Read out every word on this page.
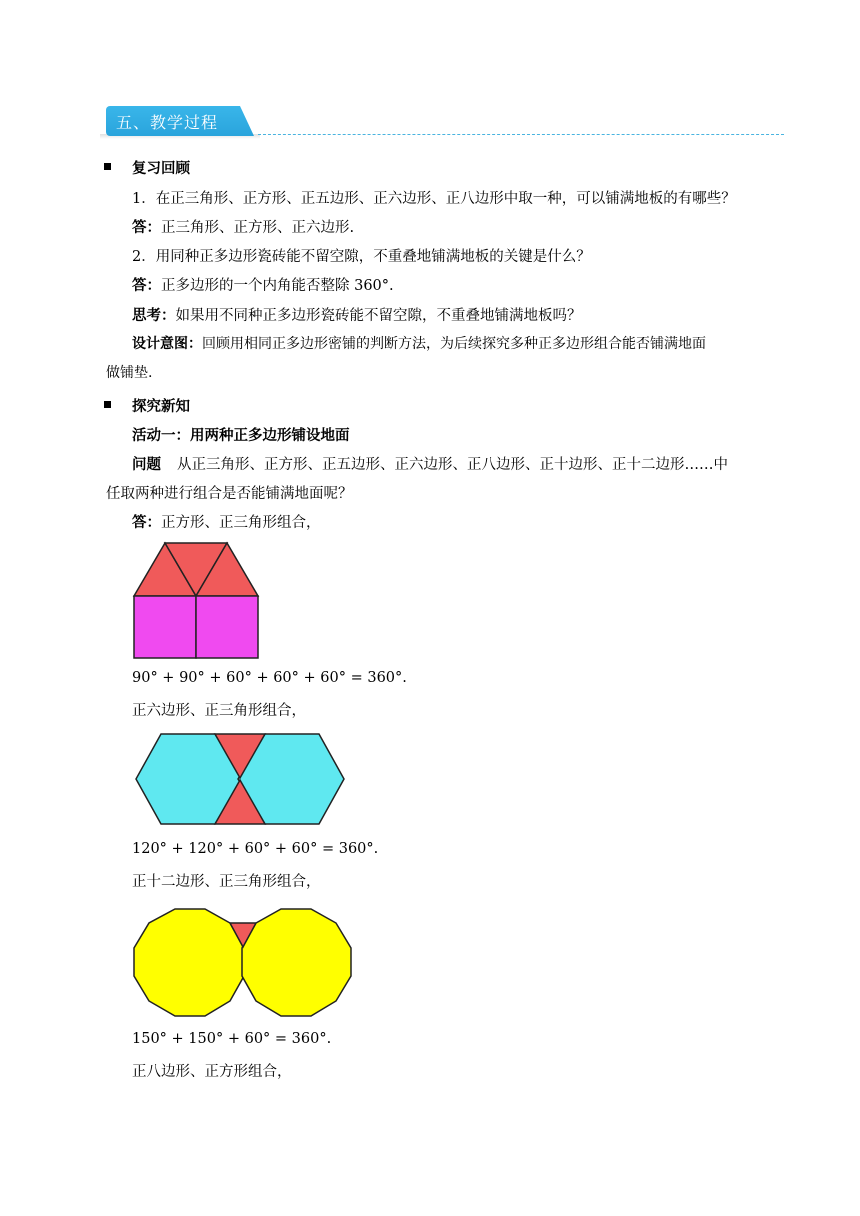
五、教学过程
复习回顾
1．在正三角形、正方形、正五边形、正六边形、正八边形中取一种，可以铺满地板的有哪些？
答：正三角形、正方形、正六边形.
2．用同种正多边形瓷砖能不留空隙，不重叠地铺满地板的关键是什么？
答：正多边形的一个内角能否整除 360°.
思考：如果用不同种正多边形瓷砖能不留空隙，不重叠地铺满地板吗？
设计意图：回顾用相同正多边形密铺的判断方法，为后续探究多种正多边形组合能否铺满地面
做铺垫.
探究新知
活动一：用两种正多边形铺设地面
问题 从正三角形、正方形、正五边形、正六边形、正八边形、正十边形、正十二边形……中
任取两种进行组合是否能铺满地面呢？
答：正方形、正三角形组合，
90° + 90° + 60° + 60° + 60° = 360°.
正六边形、正三角形组合，
120° + 120° + 60° + 60° = 360°.
正十二边形、正三角形组合，
150° + 150° + 60° = 360°.
正八边形、正方形组合，
